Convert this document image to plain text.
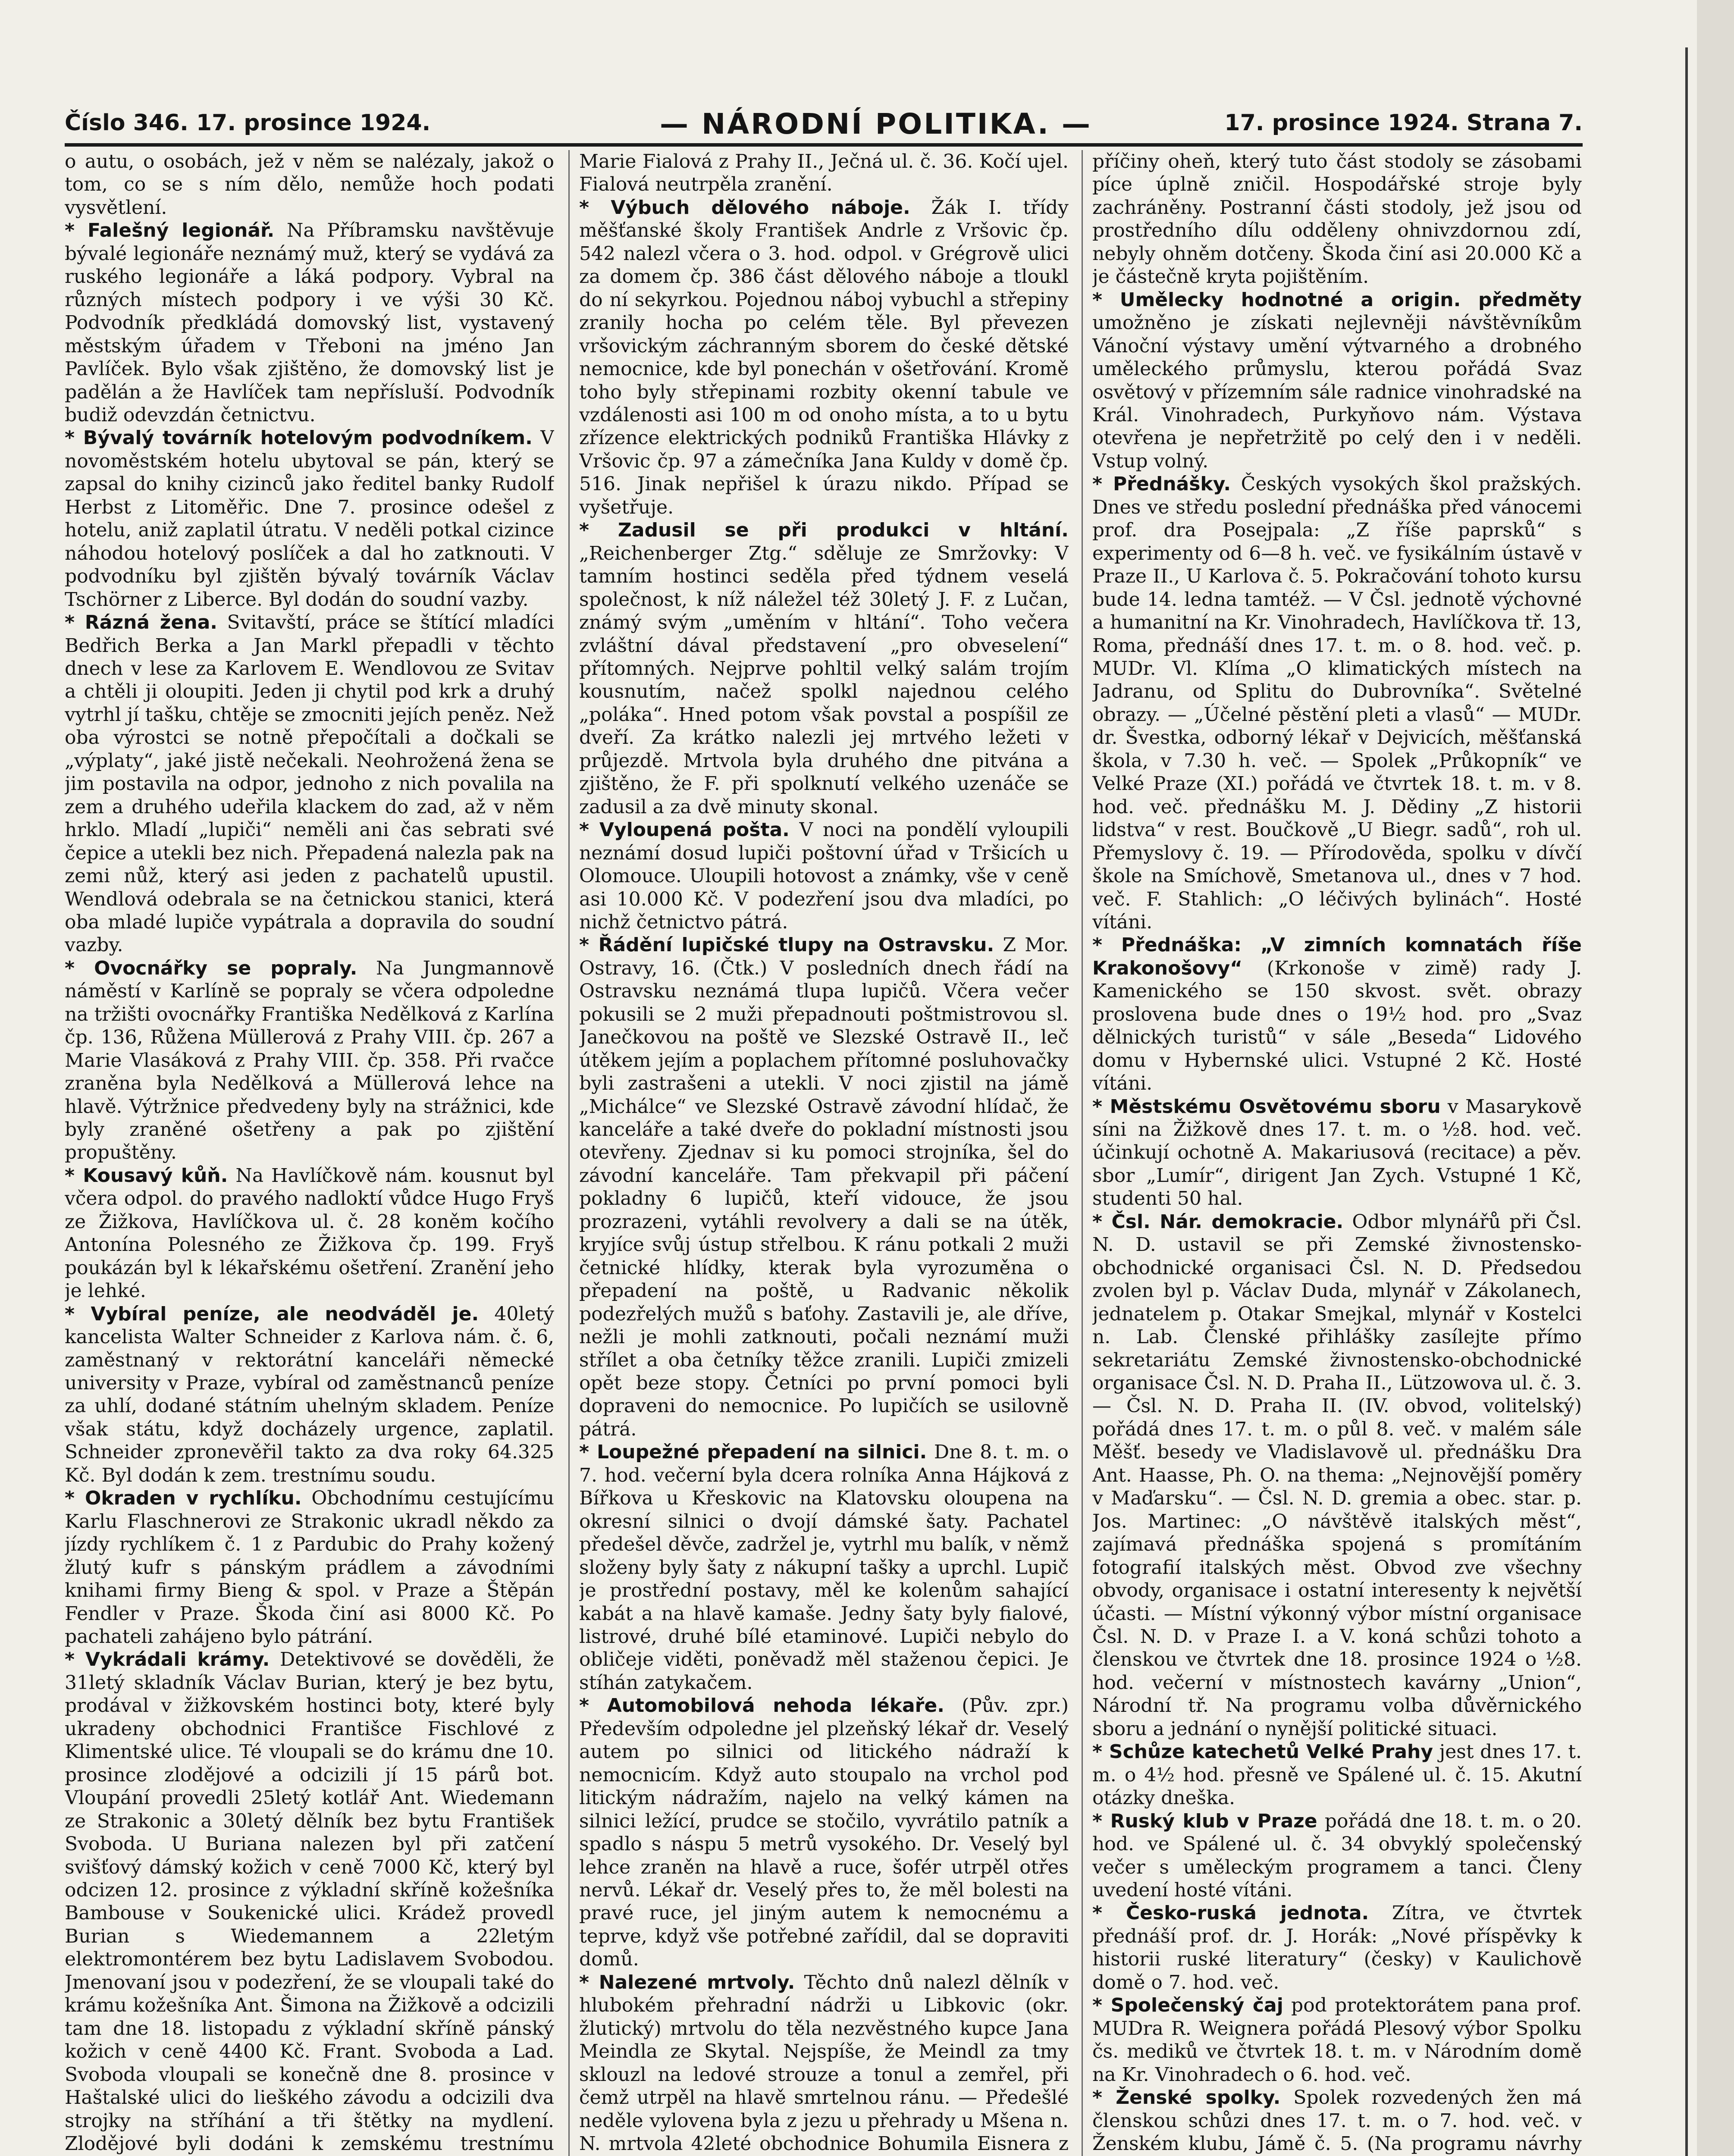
Číslo 346. 17. prosince 1924.	— NÁRODNÍ POLITIKA. —	17. prosince 1924. Strana 7.

o autu, o osobách, jež v něm se nalézaly, jakož o tom, co se s ním dělo, nemůže hoch podati vysvětlení.

* Falešný legionář. Na Příbramsku navštěvuje bývalé legionáře neznámý muž, který se vydává za ruského legionáře a láká podpory. Vybral na různých místech podpory i ve výši 30 Kč. Podvodník předkládá domovský list, vystavený městským úřadem v Třeboni na jméno Jan Pavlíček. Bylo však zjištěno, že domovský list je padělán a že Havlíček tam nepřísluší. Podvodník budiž odevzdán četnictvu.

* Bývalý továrník hotelovým podvodníkem. V novoměstském hotelu ubytoval se pán, který se zapsal do knihy cizinců jako ředitel banky Rudolf Herbst z Litoměřic. Dne 7. prosince odešel z hotelu, aniž zaplatil útratu. V neděli potkal cizince náhodou hotelový poslíček a dal ho zatknouti. V podvodníku byl zjištěn bývalý továrník Václav Tschörner z Liberce. Byl dodán do soudní vazby.

* Rázná žena. Svitavští, práce se štítící mladíci Bedřich Berka a Jan Markl přepadli v těchto dnech v lese za Karlovem E. Wendlovou ze Svitav a chtěli ji oloupiti. Jeden ji chytil pod krk a druhý vytrhl jí tašku, chtěje se zmocniti jejích peněz. Než oba výrostci se notně přepočítali a dočkali se „výplaty“, jaké jistě nečekali. Neohrožená žena se jim postavila na odpor, jednoho z nich povalila na zem a druhého udeřila klackem do zad, až v něm hrklo. Mladí „lupiči“ neměli ani čas sebrati své čepice a utekli bez nich. Přepadená nalezla pak na zemi nůž, který asi jeden z pachatelů upustil. Wendlová odebrala se na četnickou stanici, která oba mladé lupiče vypátrala a dopravila do soudní vazby.

* Ovocnářky se popraly. Na Jungmannově náměstí v Karlíně se popraly se včera odpoledne na tržišti ovocnářky Františka Nedělková z Karlína čp. 136, Růžena Müllerová z Prahy VIII. čp. 267 a Marie Vlasáková z Prahy VIII. čp. 358. Při rvačce zraněna byla Nedělková a Müllerová lehce na hlavě. Výtržnice předvedeny byly na strážnici, kde byly zraněné ošetřeny a pak po zjištění propuštěny.

* Kousavý kůň. Na Havlíčkově nám. kousnut byl včera odpol. do pravého nadloktí vůdce Hugo Fryš ze Žižkova, Havlíčkova ul. č. 28 koněm kočího Antonína Polesného ze Žižkova čp. 199. Fryš poukázán byl k lékařskému ošetření. Zranění jeho je lehké.

* Vybíral peníze, ale neodváděl je. 40letý kancelista Walter Schneider z Karlova nám. č. 6, zaměstnaný v rektorátní kanceláři německé university v Praze, vybíral od zaměstnanců peníze za uhlí, dodané státním uhelným skladem. Peníze však státu, když docházely urgence, zaplatil. Schneider zpronevěřil takto za dva roky 64.325 Kč. Byl dodán k zem. trestnímu soudu.

* Okraden v rychlíku. Obchodnímu cestujícímu Karlu Flaschnerovi ze Strakonic ukradl někdo za jízdy rychlíkem č. 1 z Pardubic do Prahy kožený žlutý kufr s pánským prádlem a závodními knihami firmy Bieng & spol. v Praze a Štěpán Fendler v Praze. Škoda činí asi 8000 Kč. Po pachateli zahájeno bylo pátrání.

* Vykrádali krámy. Detektivové se dověděli, že 31letý skladník Václav Burian, který je bez bytu, prodával v žižkovském hostinci boty, které byly ukradeny obchodnici Františce Fischlové z Klimentské ulice. Té vloupali se do krámu dne 10. prosince zlodějové a odcizili jí 15 párů bot. Vloupání provedli 25letý kotlář Ant. Wiedemann ze Strakonic a 30letý dělník bez bytu František Svoboda. U Buriana nalezen byl při zatčení svišťový dámský kožich v ceně 7000 Kč, který byl odcizen 12. prosince z výkladní skříně kožešníka Bambouse v Soukenické ulici. Krádež provedl Burian s Wiedemannem a 22letým elektromontérem bez bytu Ladislavem Svobodou. Jmenovaní jsou v podezření, že se vloupali také do krámu kožešníka Ant. Šimona na Žižkově a odcizili tam dne 18. listopadu z výkladní skříně pánský kožich v ceně 4400 Kč. Frant. Svoboda a Lad. Svoboda vloupali se konečně dne 8. prosince v Haštalské ulici do lieškého závodu a odcizili dva strojky na stříhání a tři štětky na mydlení. Zlodějové byli dodáni k zemskému trestnímu

Marie Fialová z Prahy II., Ječná ul. č. 36. Kočí ujel. Fialová neutrpěla zranění.

* Výbuch dělového náboje. Žák I. třídy měšťanské školy František Andrle z Vršovic čp. 542 nalezl včera o 3. hod. odpol. v Grégrově ulici za domem čp. 386 část dělového náboje a tloukl do ní sekyrkou. Pojednou náboj vybuchl a střepiny zranily hocha po celém těle. Byl převezen vršovickým záchranným sborem do české dětské nemocnice, kde byl ponechán v ošetřování. Kromě toho byly střepinami rozbity okenní tabule ve vzdálenosti asi 100 m od onoho místa, a to u bytu zřízence elektrických podniků Františka Hlávky z Vršovic čp. 97 a zámečníka Jana Kuldy v domě čp. 516. Jinak nepřišel k úrazu nikdo. Případ se vyšetřuje.

* Zadusil se při produkci v hltání. „Reichenberger Ztg.“ sděluje ze Smržovky: V tamním hostinci seděla před týdnem veselá společnost, k níž náležel též 30letý J. F. z Lučan, známý svým „uměním v hltání“. Toho večera zvláštní dával představení „pro obveselení“ přítomných. Nejprve pohltil velký salám trojím kousnutím, načež spolkl najednou celého „poláka“. Hned potom však povstal a pospíšil ze dveří. Za krátko nalezli jej mrtvého ležeti v průjezdě. Mrtvola byla druhého dne pitvána a zjištěno, že F. při spolknutí velkého uzenáče se zadusil a za dvě minuty skonal.

* Vyloupená pošta. V noci na pondělí vyloupili neznámí dosud lupiči poštovní úřad v Tršicích u Olomouce. Uloupili hotovost a známky, vše v ceně asi 10.000 Kč. V podezření jsou dva mladíci, po nichž četnictvo pátrá.

* Řádění lupičské tlupy na Ostravsku. Z Mor. Ostravy, 16. (Čtk.) V posledních dnech řádí na Ostravsku neznámá tlupa lupičů. Včera večer pokusili se 2 muži přepadnouti poštmistrovou sl. Janečkovou na poště ve Slezské Ostravě II., leč útěkem jejím a poplachem přítomné posluhovačky byli zastrašeni a utekli. V noci zjistil na jámě „Michálce“ ve Slezské Ostravě závodní hlídač, že kanceláře a také dveře do pokladní místnosti jsou otevřeny. Zjednav si ku pomoci strojníka, šel do závodní kanceláře. Tam překvapil při páčení pokladny 6 lupičů, kteří vidouce, že jsou prozrazeni, vytáhli revolvery a dali se na útěk, kryjíce svůj ústup střelbou. K ránu potkali 2 muži četnické hlídky, kterak byla vyrozuměna o přepadení na poště, u Radvanic několik podezřelých mužů s baťohy. Zastavili je, ale dříve, nežli je mohli zatknouti, počali neznámí muži střílet a oba četníky těžce zranili. Lupiči zmizeli opět beze stopy. Četníci po první pomoci byli dopraveni do nemocnice. Po lupičích se usilovně pátrá.

* Loupežné přepadení na silnici. Dne 8. t. m. o 7. hod. večerní byla dcera rolníka Anna Hájková z Bířkova u Křeskovic na Klatovsku oloupena na okresní silnici o dvojí dámské šaty. Pachatel předešel děvče, zadržel je, vytrhl mu balík, v němž složeny byly šaty z nákupní tašky a uprchl. Lupič je prostřední postavy, měl ke kolenům sahající kabát a na hlavě kamaše. Jedny šaty byly fialové, listrové, druhé bílé etaminové. Lupiči nebylo do obličeje viděti, poněvadž měl staženou čepici. Je stíhán zatykačem.

* Automobilová nehoda lékaře. (Pův. zpr.) Především odpoledne jel plzeňský lékař dr. Veselý autem po silnici od litického nádraží k nemocnicím. Když auto stoupalo na vrchol pod litickým nádražím, najelo na velký kámen na silnici ležící, prudce se stočilo, vyvrátilo patník a spadlo s náspu 5 metrů vysokého. Dr. Veselý byl lehce zraněn na hlavě a ruce, šofér utrpěl otřes nervů. Lékař dr. Veselý přes to, že měl bolesti na pravé ruce, jel jiným autem k nemocnému a teprve, když vše potřebné zařídil, dal se dopraviti domů.

* Nalezené mrtvoly. Těchto dnů nalezl dělník v hlubokém přehradní nádrži u Libkovic (okr. žlutický) mrtvolu do těla nezvěstného kupce Jana Meindla ze Skytal. Nejspíše, že Meindl za tmy sklouzl na ledové strouze a tonul a zemřel, při čemž utrpěl na hlavě smrtelnou ránu. — Předešlé neděle vylovena byla z jezu u přehrady u Mšena n. N. mrtvola 42leté obchodnice Bohumila Eisnera z

příčiny oheň, který tuto část stodoly se zásobami píce úplně zničil. Hospodářské stroje byly zachráněny. Postranní části stodoly, jež jsou od prostředního dílu odděleny ohnivzdornou zdí, nebyly ohněm dotčeny. Škoda činí asi 20.000 Kč a je částečně kryta pojištěním.

* Umělecky hodnotné a origin. předměty umožněno je získati nejlevněji návštěvníkům Vánoční výstavy umění výtvarného a drobného uměleckého průmyslu, kterou pořádá Svaz osvětový v přízemním sále radnice vinohradské na Král. Vinohradech, Purkyňovo nám. Výstava otevřena je nepřetržitě po celý den i v neděli. Vstup volný.

* Přednášky. Českých vysokých škol pražských. Dnes ve středu poslední přednáška před vánocemi prof. dra Posejpala: „Z říše paprsků“ s experimenty od 6—8 h. več. ve fysikálním ústavě v Praze II., U Karlova č. 5. Pokračování tohoto kursu bude 14. ledna tamtéž. — V Čsl. jednotě výchovné a humanitní na Kr. Vinohradech, Havlíčkova tř. 13, Roma, přednáší dnes 17. t. m. o 8. hod. več. p. MUDr. Vl. Klíma „O klimatických místech na Jadranu, od Splitu do Dubrovníka“. Světelné obrazy. — „Účelné pěstění pleti a vlasů“ — MUDr. dr. Švestka, odborný lékař v Dejvicích, měšťanská škola, v 7.30 h. več. — Spolek „Průkopník“ ve Velké Praze (XI.) pořádá ve čtvrtek 18. t. m. v 8. hod. več. přednášku M. J. Dědiny „Z historii lidstva“ v rest. Boučkově „U Biegr. sadů“, roh ul. Přemyslovy č. 19. — Přírodověda, spolku v dívčí škole na Smíchově, Smetanova ul., dnes v 7 hod. več. F. Stahlich: „O léčivých bylinách“. Hosté vítáni.

* Přednáška: „V zimních komnatách říše Krakonošovy“ (Krkonoše v zimě) rady J. Kamenického se 150 skvost. svět. obrazy proslovena bude dnes o 19½ hod. pro „Svaz dělnických turistů“ v sále „Beseda“ Lidového domu v Hybernské ulici. Vstupné 2 Kč. Hosté vítáni.

* Městskému Osvětovému sboru v Masarykově síni na Žižkově dnes 17. t. m. o ½8. hod. več. účinkují ochotně A. Makariusová (recitace) a pěv. sbor „Lumír“, dirigent Jan Zych. Vstupné 1 Kč, studenti 50 hal.

* Čsl. Nár. demokracie. Odbor mlynářů při Čsl. N. D. ustavil se při Zemské živnostensko-obchodnické organisaci Čsl. N. D. Předsedou zvolen byl p. Václav Duda, mlynář v Zákolanech, jednatelem p. Otakar Smejkal, mlynář v Kostelci n. Lab. Členské přihlášky zasílejte přímo sekretariátu Zemské živnostensko-obchodnické organisace Čsl. N. D. Praha II., Lützowova ul. č. 3. — Čsl. N. D. Praha II. (IV. obvod, volitelský) pořádá dnes 17. t. m. o půl 8. več. v malém sále Měšť. besedy ve Vladislavově ul. přednášku Dra Ant. Haasse, Ph. O. na thema: „Nejnovější poměry v Maďarsku“. — Čsl. N. D. gremia a obec. star. p. Jos. Martinec: „O návštěvě italských měst“, zajímavá přednáška spojená s promítáním fotografií italských měst. Obvod zve všechny obvody, organisace i ostatní interesenty k největší účasti. — Místní výkonný výbor místní organisace Čsl. N. D. v Praze I. a V. koná schůzi tohoto a členskou ve čtvrtek dne 18. prosince 1924 o ½8. hod. večerní v místnostech kavárny „Union“, Národní tř. Na programu volba důvěrnického sboru a jednání o nynější politické situaci.

* Schůze katechetů Velké Prahy jest dnes 17. t. m. o 4½ hod. přesně ve Spálené ul. č. 15. Akutní otázky dneška.

* Ruský klub v Praze pořádá dne 18. t. m. o 20. hod. ve Spálené ul. č. 34 obvyklý společenský večer s uměleckým programem a tanci. Členy uvedení hosté vítáni.

* Česko-ruská jednota. Zítra, ve čtvrtek přednáší prof. dr. J. Horák: „Nové příspěvky k historii ruské literatury“ (česky) v Kaulichově domě o 7. hod. več.

* Společenský čaj pod protektorátem pana prof. MUDra R. Weignera pořádá Plesový výbor Spolku čs. mediků ve čtvrtek 18. t. m. v Národním domě na Kr. Vinohradech o 6. hod. več.

* Ženské spolky. Spolek rozvedených žen má členskou schůzi dnes 17. t. m. o 7. hod. več. v Ženském klubu, Jámě č. 5. (Na programu návrhy
